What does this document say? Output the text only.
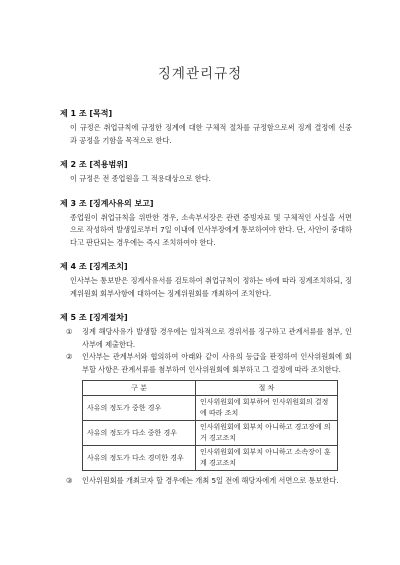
징계관리규정

제 1 조 [목적]

이 규정은 취업규칙에 규정한 징계에 대한 구체적 절차를 규정함으로써 징계 결정에 신중과 공정을 기함을 목적으로 한다.

제 2 조 [적용범위]

이 규정은 전 종업원을 그 적용대상으로 한다.

제 3 조 [징계사유의 보고]

종업원이 취업규칙을 위반한 경우, 소속부서장은 관련 증빙자료 및 구체적인 사실을 서면으로 작성하여 발생일로부터 7일 이내에 인사부장에게 통보하여야 한다. 단, 사안이 중대하다고 판단되는 경우에는 즉시 조치하여야 한다.

제 4 조 [징계조치]

인사부는 통보받은 징계사유서를 검토하여 취업규칙이 정하는 바에 따라 징계조치하되, 징계위원회 회부사항에 대하여는 징계위원회를 개최하여 조치한다.

제 5 조 [징계절차]

① 징계 해당사유가 발생할 경우에는 일차적으로 경위서를 징구하고 관계서류를 첨부, 인사부에 제출한다.
② 인사부는 관계부서와 협의하여 아래와 같이 사유의 등급을 판정하여 인사위원회에 회부할 사항은 관계서류를 첨부하여 인사위원회에 회부하고 그 결정에 따라 조치한다.
구 분	절 차
사유의 정도가 중한 경우	인사위원회에 회부하여 인사위원회의 결정에 따라 조치
사유의 정도가 다소 중한 경우	인사위원회에 회부치 아니하고 경고장에 의거 경고조치
사유의 정도가 다소 경미한 경우	인사위원회에 회부치 아니하고 소속장이 훈계 경고조치
③ 인사위원회를 개최코자 할 경우에는 개최 5일 전에 해당자에게 서면으로 통보한다.
